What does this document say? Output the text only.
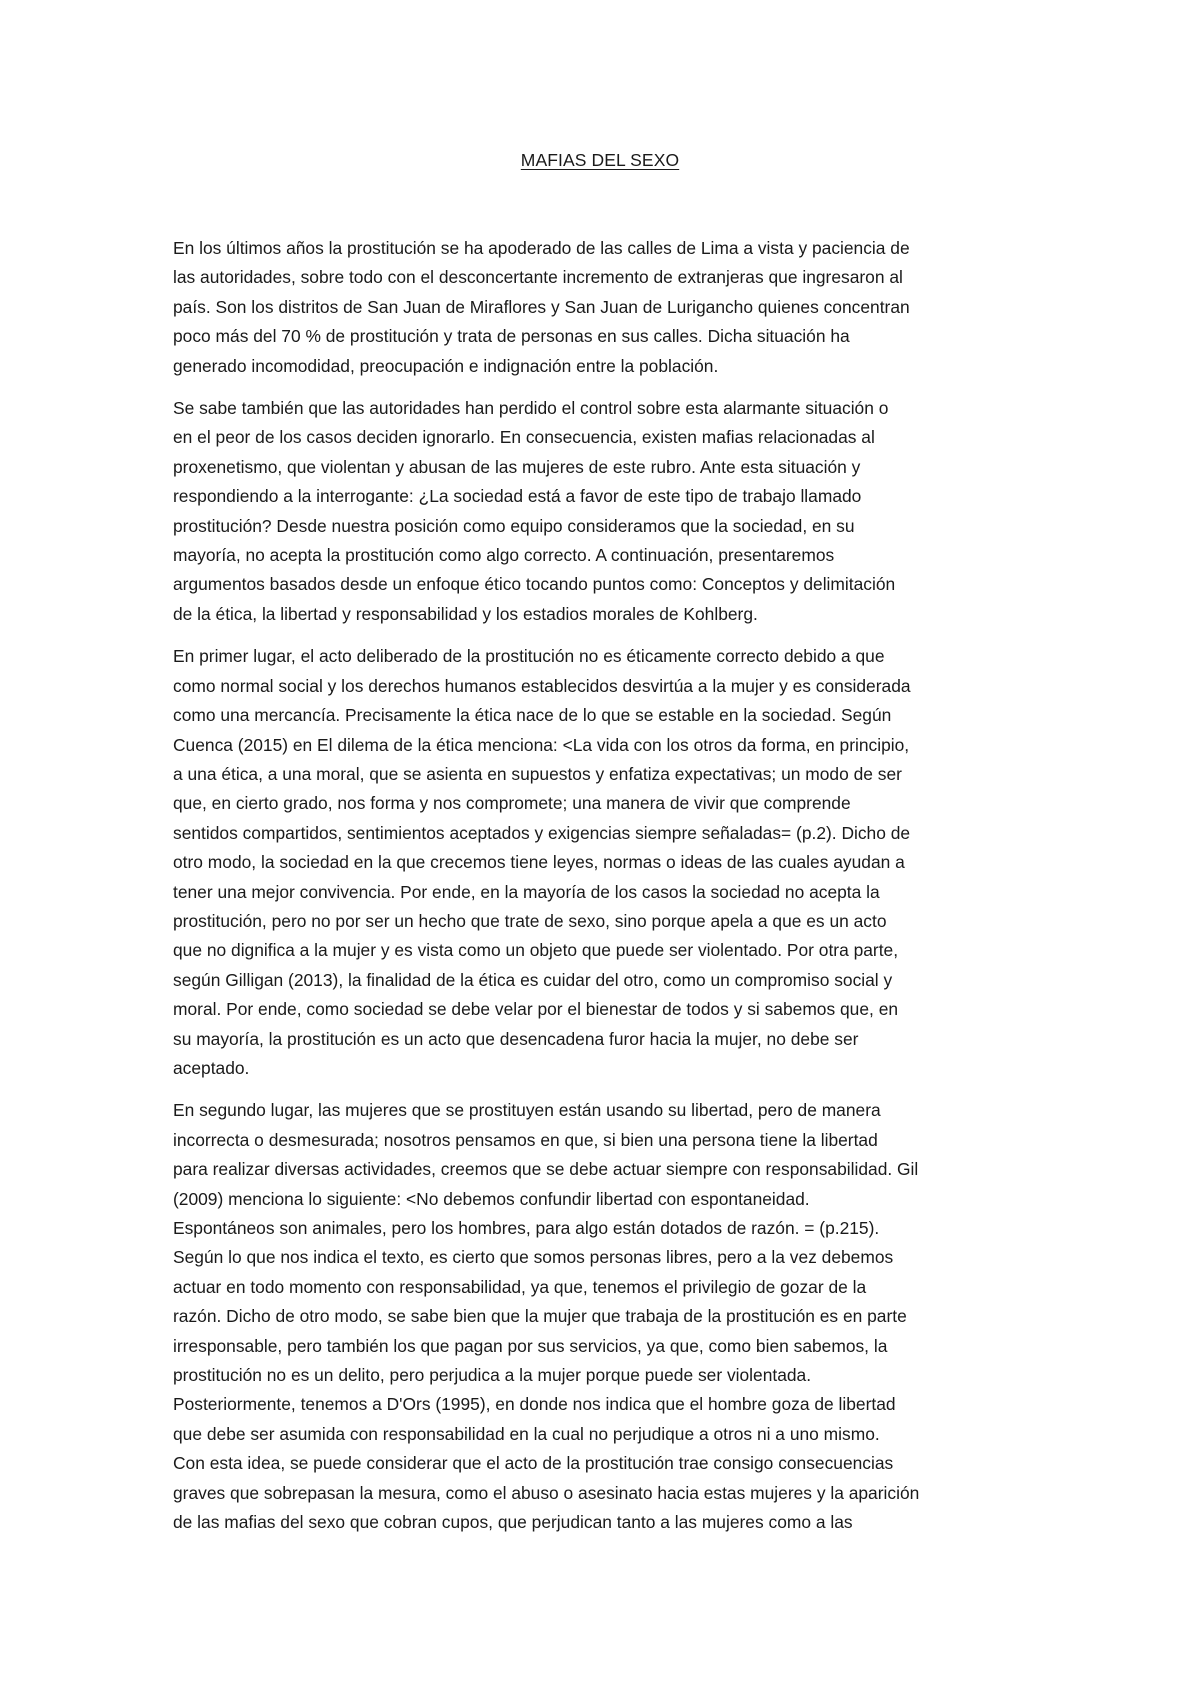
MAFIAS DEL SEXO

En los últimos años la prostitución se ha apoderado de las calles de Lima a vista y paciencia de
las autoridades, sobre todo con el desconcertante incremento de extranjeras que ingresaron al
país. Son los distritos de San Juan de Miraflores y San Juan de Lurigancho quienes concentran
poco más del 70 % de prostitución y trata de personas en sus calles. Dicha situación ha
generado incomodidad, preocupación e indignación entre la población.

Se sabe también que las autoridades han perdido el control sobre esta alarmante situación o
en el peor de los casos deciden ignorarlo. En consecuencia, existen mafias relacionadas al
proxenetismo, que violentan y abusan de las mujeres de este rubro. Ante esta situación y
respondiendo a la interrogante: ¿La sociedad está a favor de este tipo de trabajo llamado
prostitución? Desde nuestra posición como equipo consideramos que la sociedad, en su
mayoría, no acepta la prostitución como algo correcto. A continuación, presentaremos
argumentos basados desde un enfoque ético tocando puntos como: Conceptos y delimitación
de la ética, la libertad y responsabilidad y los estadios morales de Kohlberg.

En primer lugar, el acto deliberado de la prostitución no es éticamente correcto debido a que
como normal social y los derechos humanos establecidos desvirtúa a la mujer y es considerada
como una mercancía. Precisamente la ética nace de lo que se estable en la sociedad. Según
Cuenca (2015) en El dilema de la ética menciona: <La vida con los otros da forma, en principio,
a una ética, a una moral, que se asienta en supuestos y enfatiza expectativas; un modo de ser
que, en cierto grado, nos forma y nos compromete; una manera de vivir que comprende
sentidos compartidos, sentimientos aceptados y exigencias siempre señaladas= (p.2). Dicho de
otro modo, la sociedad en la que crecemos tiene leyes, normas o ideas de las cuales ayudan a
tener una mejor convivencia. Por ende, en la mayoría de los casos la sociedad no acepta la
prostitución, pero no por ser un hecho que trate de sexo, sino porque apela a que es un acto
que no dignifica a la mujer y es vista como un objeto que puede ser violentado. Por otra parte,
según Gilligan (2013), la finalidad de la ética es cuidar del otro, como un compromiso social y
moral. Por ende, como sociedad se debe velar por el bienestar de todos y si sabemos que, en
su mayoría, la prostitución es un acto que desencadena furor hacia la mujer, no debe ser
aceptado.

En segundo lugar, las mujeres que se prostituyen están usando su libertad, pero de manera
incorrecta o desmesurada; nosotros pensamos en que, si bien una persona tiene la libertad
para realizar diversas actividades, creemos que se debe actuar siempre con responsabilidad. Gil
(2009) menciona lo siguiente: <No debemos confundir libertad con espontaneidad.
Espontáneos son animales, pero los hombres, para algo están dotados de razón. = (p.215).
Según lo que nos indica el texto, es cierto que somos personas libres, pero a la vez debemos
actuar en todo momento con responsabilidad, ya que, tenemos el privilegio de gozar de la
razón. Dicho de otro modo, se sabe bien que la mujer que trabaja de la prostitución es en parte
irresponsable, pero también los que pagan por sus servicios, ya que, como bien sabemos, la
prostitución no es un delito, pero perjudica a la mujer porque puede ser violentada.
Posteriormente, tenemos a D'Ors (1995), en donde nos indica que el hombre goza de libertad
que debe ser asumida con responsabilidad en la cual no perjudique a otros ni a uno mismo.
Con esta idea, se puede considerar que el acto de la prostitución trae consigo consecuencias
graves que sobrepasan la mesura, como el abuso o asesinato hacia estas mujeres y la aparición
de las mafias del sexo que cobran cupos, que perjudican tanto a las mujeres como a las
